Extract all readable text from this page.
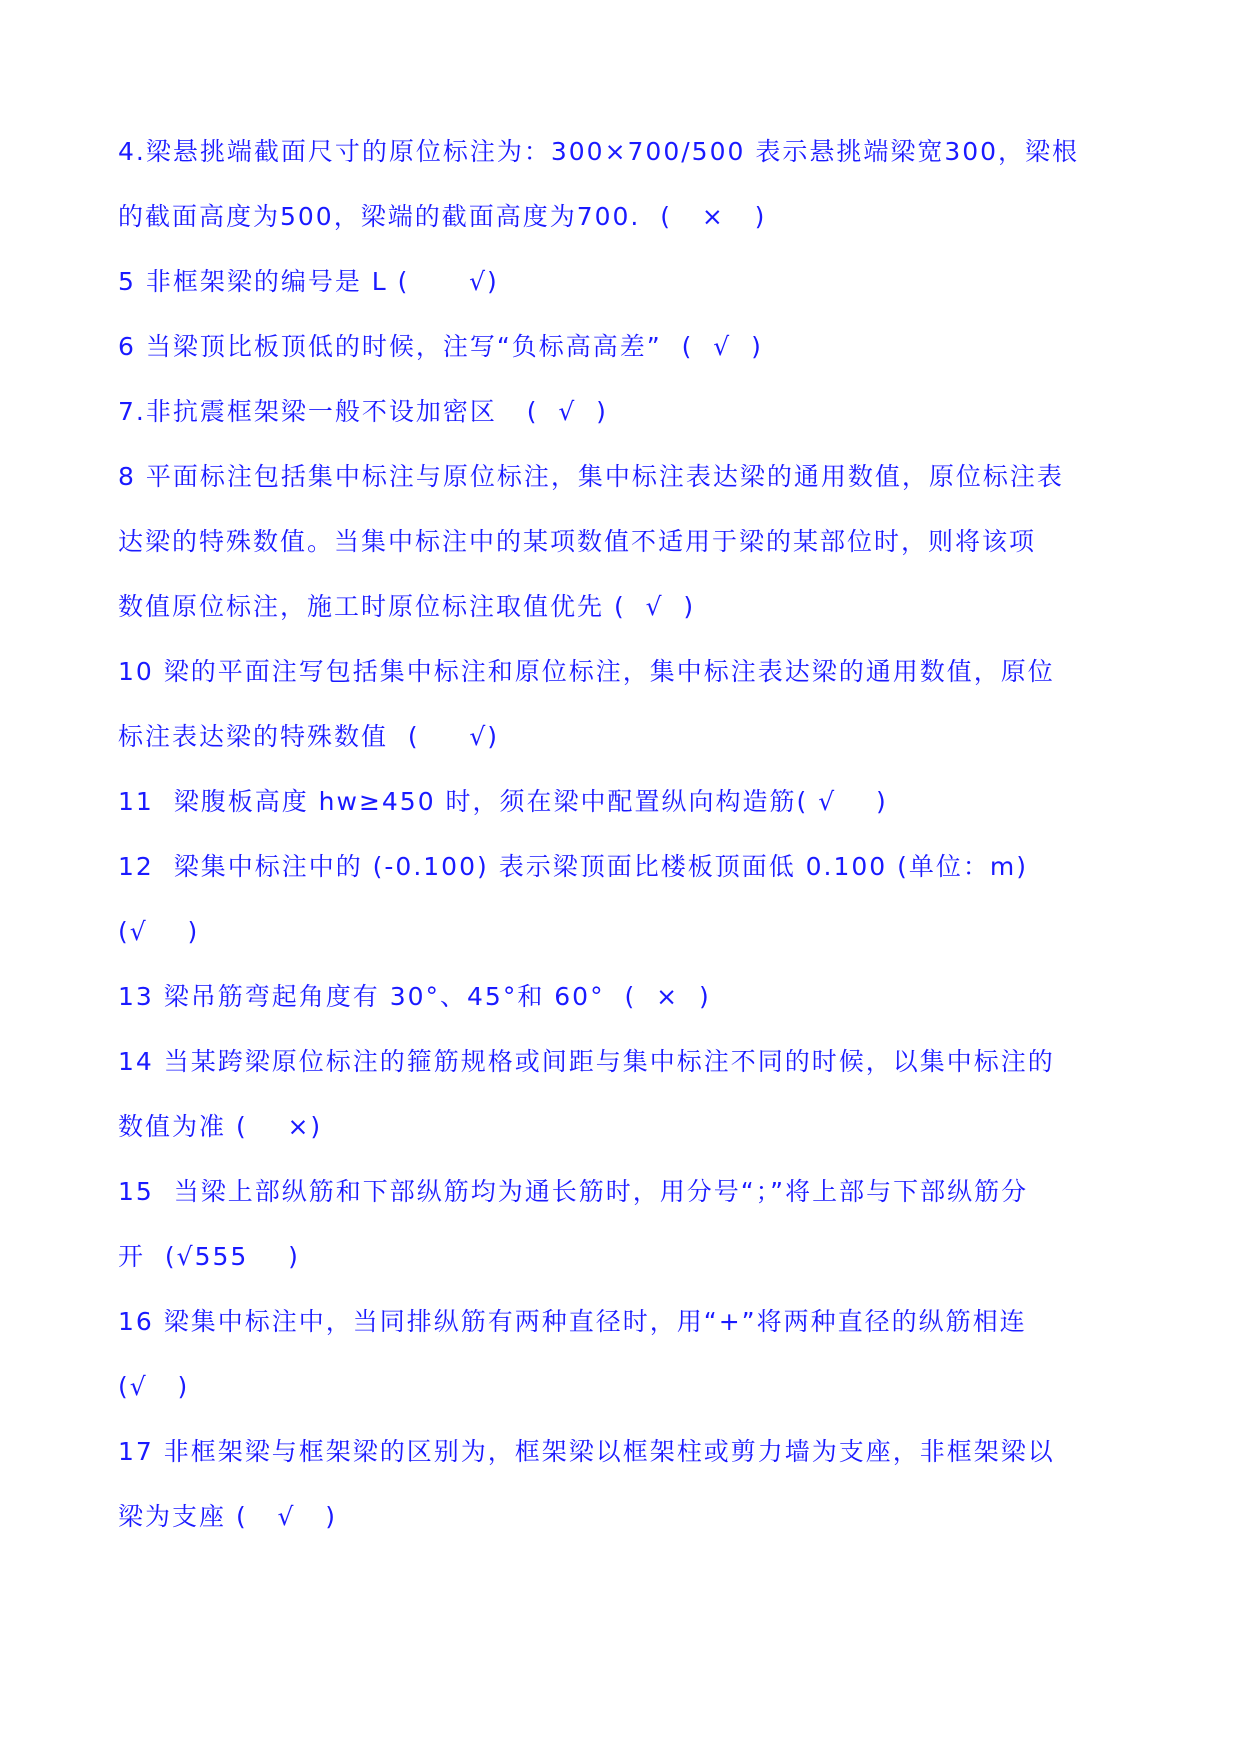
4.梁悬挑端截面尺寸的原位标注为：300×700/500 表示悬挑端梁宽300，梁根
的截面高度为500，梁端的截面高度为700.  (   ×   )
5 非框架梁的编号是 L (      √)
6 当梁顶比板顶低的时候，注写“负标高高差”  (  √  )
7.非抗震框架梁一般不设加密区   (  √  )
8 平面标注包括集中标注与原位标注，集中标注表达梁的通用数值，原位标注表
达梁的特殊数值。当集中标注中的某项数值不适用于梁的某部位时，则将该项
数值原位标注，施工时原位标注取值优先 (  √  )
10 梁的平面注写包括集中标注和原位标注，集中标注表达梁的通用数值，原位
标注表达梁的特殊数值  (     √)
11  梁腹板高度 hw≥450 时，须在梁中配置纵向构造筋( √    )
12  梁集中标注中的 (-0.100) 表示梁顶面比楼板顶面低 0.100 (单位：m)
(√    )
13 梁吊筋弯起角度有 30°、45°和 60°  (  ×  )
14 当某跨梁原位标注的箍筋规格或间距与集中标注不同的时候，以集中标注的
数值为准 (    ×)
15  当梁上部纵筋和下部纵筋均为通长筋时，用分号“；”将上部与下部纵筋分
开  (√555    )
16 梁集中标注中，当同排纵筋有两种直径时，用“+”将两种直径的纵筋相连
(√   )
17 非框架梁与框架梁的区别为，框架梁以框架柱或剪力墙为支座，非框架梁以
梁为支座 (   √   )
